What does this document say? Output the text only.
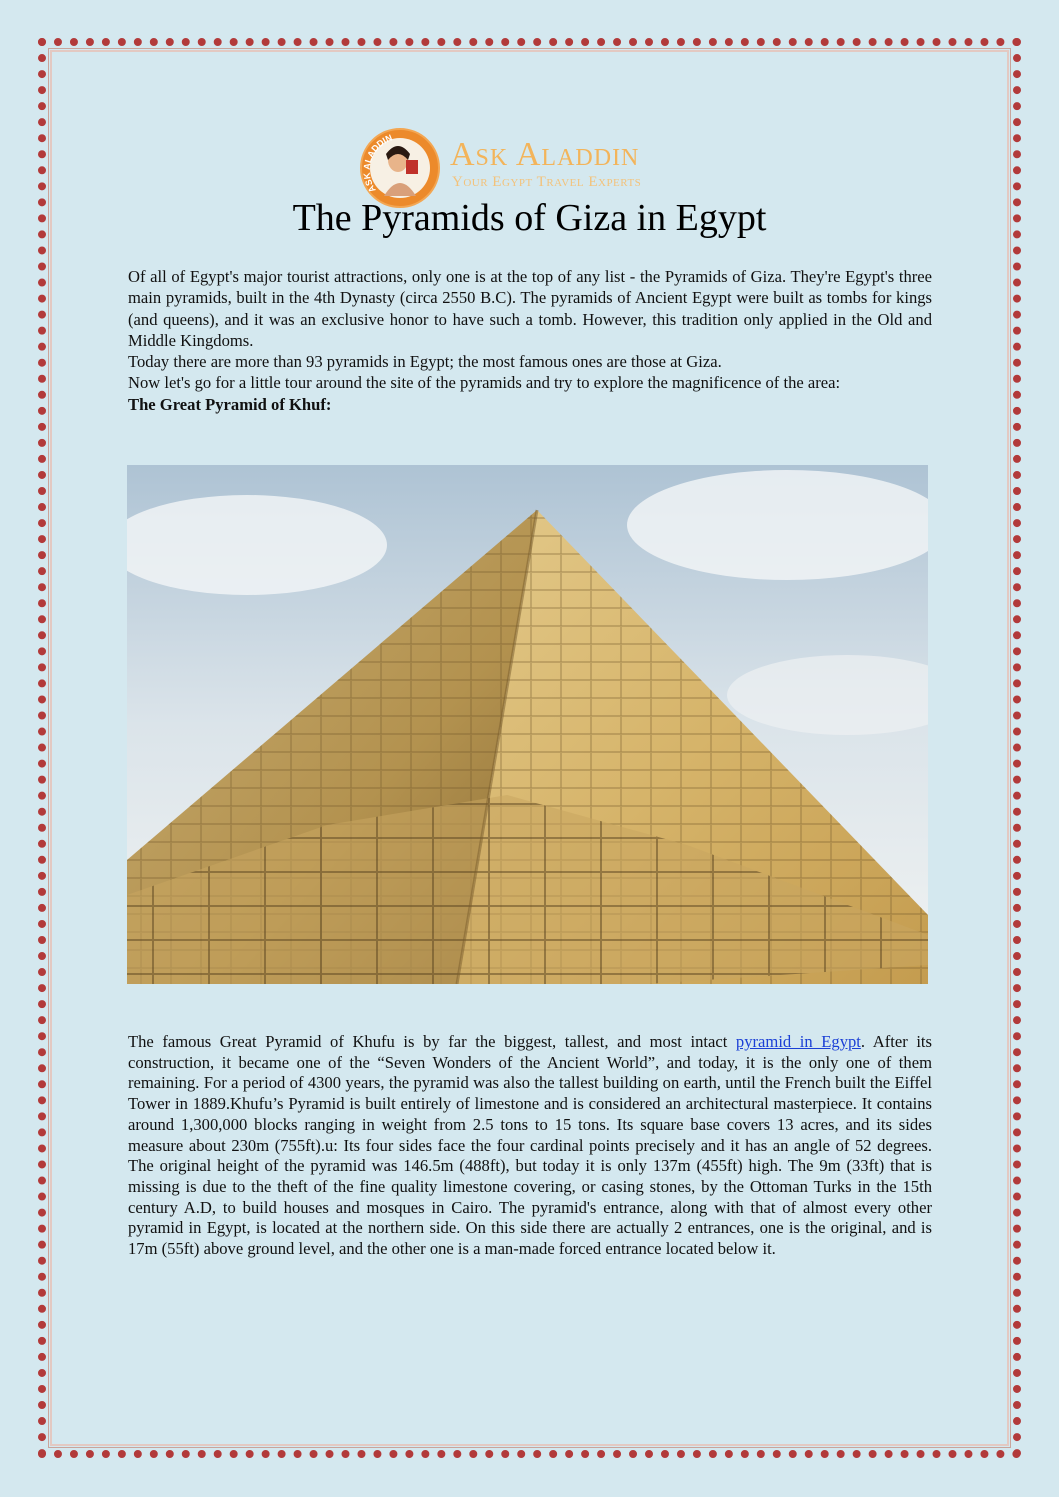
ASK ALADDIN Ask Aladdin
Your Egypt Travel Experts
The Pyramids of Giza in Egypt

Of all of Egypt's major tourist attractions, only one is at the top of any list - the Pyramids of Giza. They're Egypt's three main pyramids, built in the 4th Dynasty (circa 2550 B.C). The pyramids of Ancient Egypt were built as tombs for kings (and queens), and it was an exclusive honor to have such a tomb. However, this tradition only applied in the Old and Middle Kingdoms.

Today there are more than 93 pyramids in Egypt; the most famous ones are those at Giza.

Now let's go for a little tour around the site of the pyramids and try to explore the magnificence of the area:

The Great Pyramid of Khuf:

The famous Great Pyramid of Khufu is by far the biggest, tallest, and most intact pyramid in Egypt. After its construction, it became one of the “Seven Wonders of the Ancient World”, and today, it is the only one of them remaining. For a period of 4300 years, the pyramid was also the tallest building on earth, until the French built the Eiffel Tower in 1889.Khufu’s Pyramid is built entirely of limestone and is considered an architectural masterpiece. It contains around 1,300,000 blocks ranging in weight from 2.5 tons to 15 tons. Its square base covers 13 acres, and its sides measure about 230m (755ft).u: Its four sides face the four cardinal points precisely and it has an angle of 52 degrees. The original height of the pyramid was 146.5m (488ft), but today it is only 137m (455ft) high. The 9m (33ft) that is missing is due to the theft of the fine quality limestone covering, or casing stones, by the Ottoman Turks in the 15th century A.D, to build houses and mosques in Cairo. The pyramid's entrance, along with that of almost every other pyramid in Egypt, is located at the northern side. On this side there are actually 2 entrances, one is the original, and is 17m (55ft) above ground level, and the other one is a man-made forced entrance located below it.
